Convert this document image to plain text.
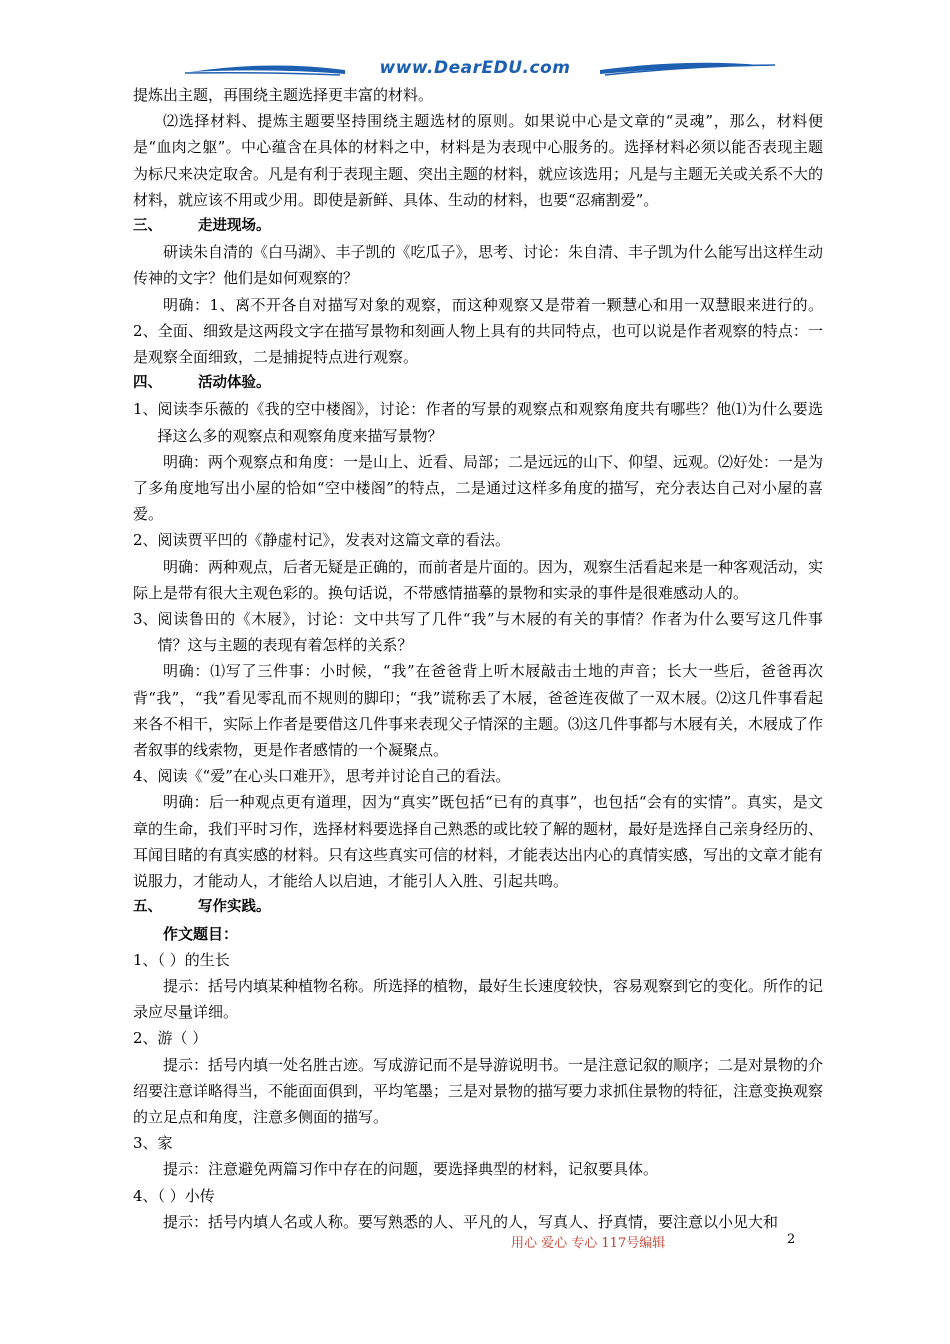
www.DearEDU.com

提炼出主题，再围绕主题选择更丰富的材料。

⑵选择材料、提炼主题要坚持围绕主题选材的原则。如果说中心是文章的“灵魂”，那么，材料便是“血肉之躯”。中心蕴含在具体的材料之中，材料是为表现中心服务的。选择材料必须以能否表现主题为标尺来决定取舍。凡是有利于表现主题、突出主题的材料，就应该选用；凡是与主题无关或关系不大的材料，就应该不用或少用。即使是新鲜、具体、生动的材料，也要“忍痛割爱”。

三、 走进现场。

研读朱自清的《白马湖》、丰子凯的《吃瓜子》，思考、讨论：朱自清、丰子凯为什么能写出这样生动传神的文字？他们是如何观察的？

明确：1、离不开各自对描写对象的观察，而这种观察又是带着一颗慧心和用一双慧眼来进行的。2、全面、细致是这两段文字在描写景物和刻画人物上具有的共同特点，也可以说是作者观察的特点：一是观察全面细致，二是捕捉特点进行观察。

四、 活动体验。
1、 阅读李乐薇的《我的空中楼阁》，讨论：作者的写景的观察点和观察角度共有哪些？他⑴为什么要选择这么多的观察点和观察角度来描写景物？

明确：两个观察点和角度：一是山上、近看、局部；二是远远的山下、仰望、远观。⑵好处：一是为了多角度地写出小屋的恰如“空中楼阁”的特点，二是通过这样多角度的描写，充分表达自己对小屋的喜爱。

2、 阅读贾平凹的《静虚村记》，发表对这篇文章的看法。

明确：两种观点，后者无疑是正确的，而前者是片面的。因为，观察生活看起来是一种客观活动，实际上是带有很大主观色彩的。换句话说，不带感情描摹的景物和实录的事件是很难感动人的。

3、 阅读鲁田的《木屐》，讨论：文中共写了几件“我”与木屐的有关的事情？作者为什么要写这几件事情？这与主题的表现有着怎样的关系？

明确：⑴写了三件事：小时候，“我”在爸爸背上听木屐敲击土地的声音；长大一些后，爸爸再次背“我”，“我”看见零乱而不规则的脚印；“我”谎称丢了木屐，爸爸连夜做了一双木屐。⑵这几件事看起来各不相干，实际上作者是要借这几件事来表现父子情深的主题。⑶这几件事都与木屐有关，木屐成了作者叙事的线索物，更是作者感情的一个凝聚点。

4、 阅读《“爱”在心头口难开》，思考并讨论自己的看法。

明确：后一种观点更有道理，因为“真实”既包括“已有的真事”，也包括“会有的实情”。真实，是文章的生命，我们平时习作，选择材料要选择自己熟悉的或比较了解的题材，最好是选择自己亲身经历的、耳闻目睹的有真实感的材料。只有这些真实可信的材料，才能表达出内心的真情实感，写出的文章才能有说服力，才能动人，才能给人以启迪，才能引人入胜、引起共鸣。

五、 写作实践。

作文题目：

1、（ ）的生长

提示：括号内填某种植物名称。所选择的植物，最好生长速度较快，容易观察到它的变化。所作的记录应尽量详细。

2、游（ ）

提示：括号内填一处名胜古迹。写成游记而不是导游说明书。一是注意记叙的顺序；二是对景物的介绍要注意详略得当，不能面面俱到，平均笔墨；三是对景物的描写要力求抓住景物的特征，注意变换观察的立足点和角度，注意多侧面的描写。

3、家

提示：注意避免两篇习作中存在的问题，要选择典型的材料，记叙要具体。

4、（ ）小传

提示：括号内填人名或人称。要写熟悉的人、平凡的人，写真人、抒真情，要注意以小见大和

用心 爱心 专心 117号编辑	2
